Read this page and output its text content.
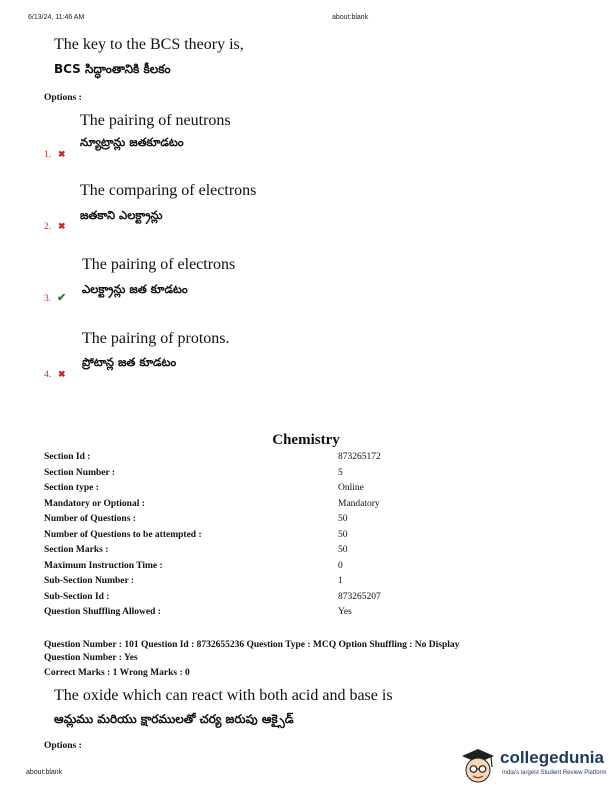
6/13/24, 11:46 AM	about:blank
The key to the BCS theory is,
BCS సిద్ధాంతానికి కీలకం
Options :
The pairing of neutrons
న్యూట్రాన్లు జతకూడటం
1. ✖
The comparing of electrons
జతకాని ఎలక్ట్రాన్లు
2. ✖
The pairing of electrons
ఎలక్ట్రాన్లు జత కూడటం
3. ✔
The pairing of protons.
ప్రోటాన్ల జత కూడటం
4. ✖
Chemistry
Section Id :	873265172
Section Number :	5
Section type :	Online
Mandatory or Optional :	Mandatory
Number of Questions :	50
Number of Questions to be attempted :	50
Section Marks :	50
Maximum Instruction Time :	0
Sub-Section Number :	1
Sub-Section Id :	873265207
Question Shuffling Allowed :	Yes
Question Number : 101 Question Id : 8732655236 Question Type : MCQ Option Shuffling : No Display
Question Number : Yes
Correct Marks : 1 Wrong Marks : 0
The oxide which can react with both acid and base is
ఆమ్లము మరియు క్షారములతో చర్య జరుపు ఆక్సైడ్
Options :
about:blank
collegedunia
India's largest Student Review Platform
